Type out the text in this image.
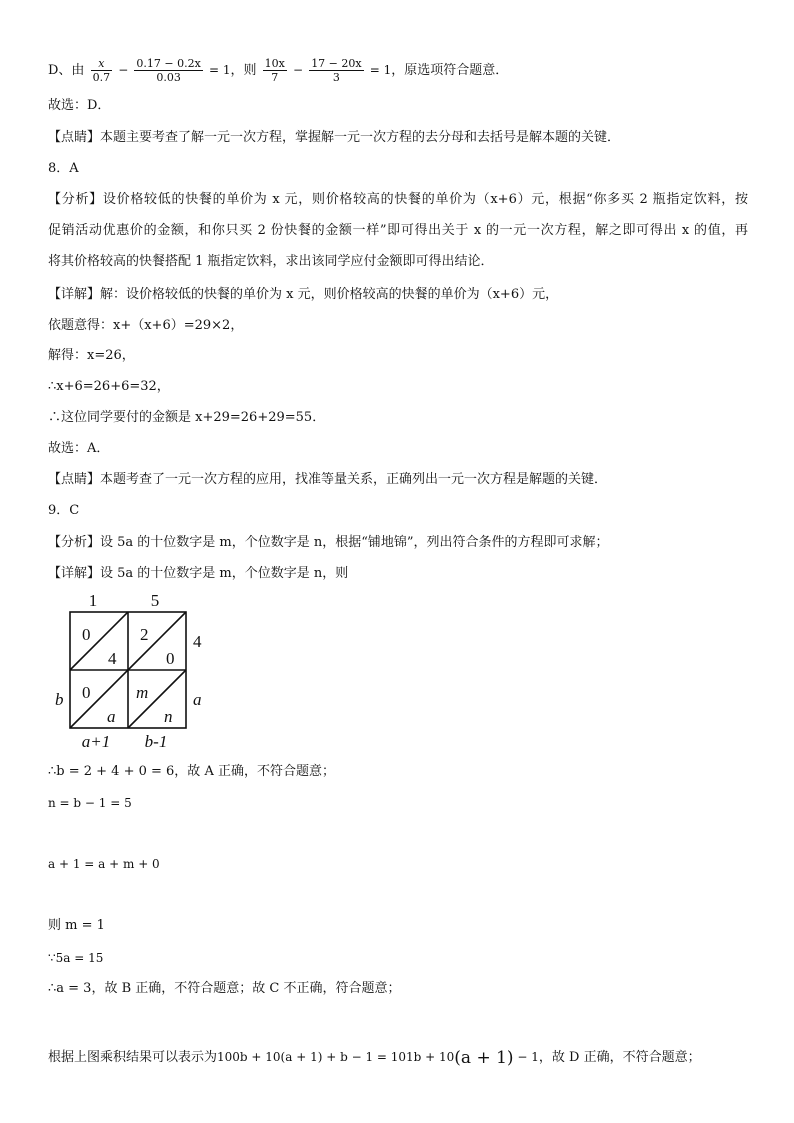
D、由 $\frac{x}{0.7} - \frac{0.17 - 0.2x}{0.03} = 1$，则 $\frac{10x}{7} - \frac{17 - 20x}{3} = 1$，原选项符合题意．
故选：D．
【点睛】本题主要考查了解一元一次方程，掌握解一元一次方程的去分母和去括号是解本题的关键．
8．A
【分析】设价格较低的快餐的单价为 x 元，则价格较高的快餐的单价为（x+6）元，根据“你多买 2 瓶指定饮料，按
促销活动优惠价的金额，和你只买 2 份快餐的金额一样”即可得出关于 x 的一元一次方程，解之即可得出 x 的值，再
将其价格较高的快餐搭配 1 瓶指定饮料，求出该同学应付金额即可得出结论．
【详解】解：设价格较低的快餐的单价为 x 元，则价格较高的快餐的单价为（x+6）元，
依题意得：x+（x+6）=29×2，
解得：x=26，
∴x+6=26+6=32，
∴这位同学要付的金额是 x+29=26+29=55．
故选：A．
【点睛】本题考查了一元一次方程的应用，找准等量关系，正确列出一元一次方程是解题的关键．
9．C
【分析】设 5a 的十位数字是 m，个位数字是 n，根据“铺地锦”，列出符合条件的方程即可求解；
【详解】设 5a 的十位数字是 m，个位数字是 n，则
1	5
4
a
b
a+1 b-1
0
4
2
0
0
a
m
n
∴b = 2 + 4 + 0 = 6，故 A 正确，不符合题意；
n = b − 1 = 5
a + 1 = a + m + 0
则 m = 1
∵5a = 15
∴a = 3，故 B 正确，不符合题意；故 C 不正确，符合题意；
根据上图乘积结果可以表示为100b + 10(a + 1) + b − 1 = 101b + 10(a + 1) − 1，故 D 正确，不符合题意；
